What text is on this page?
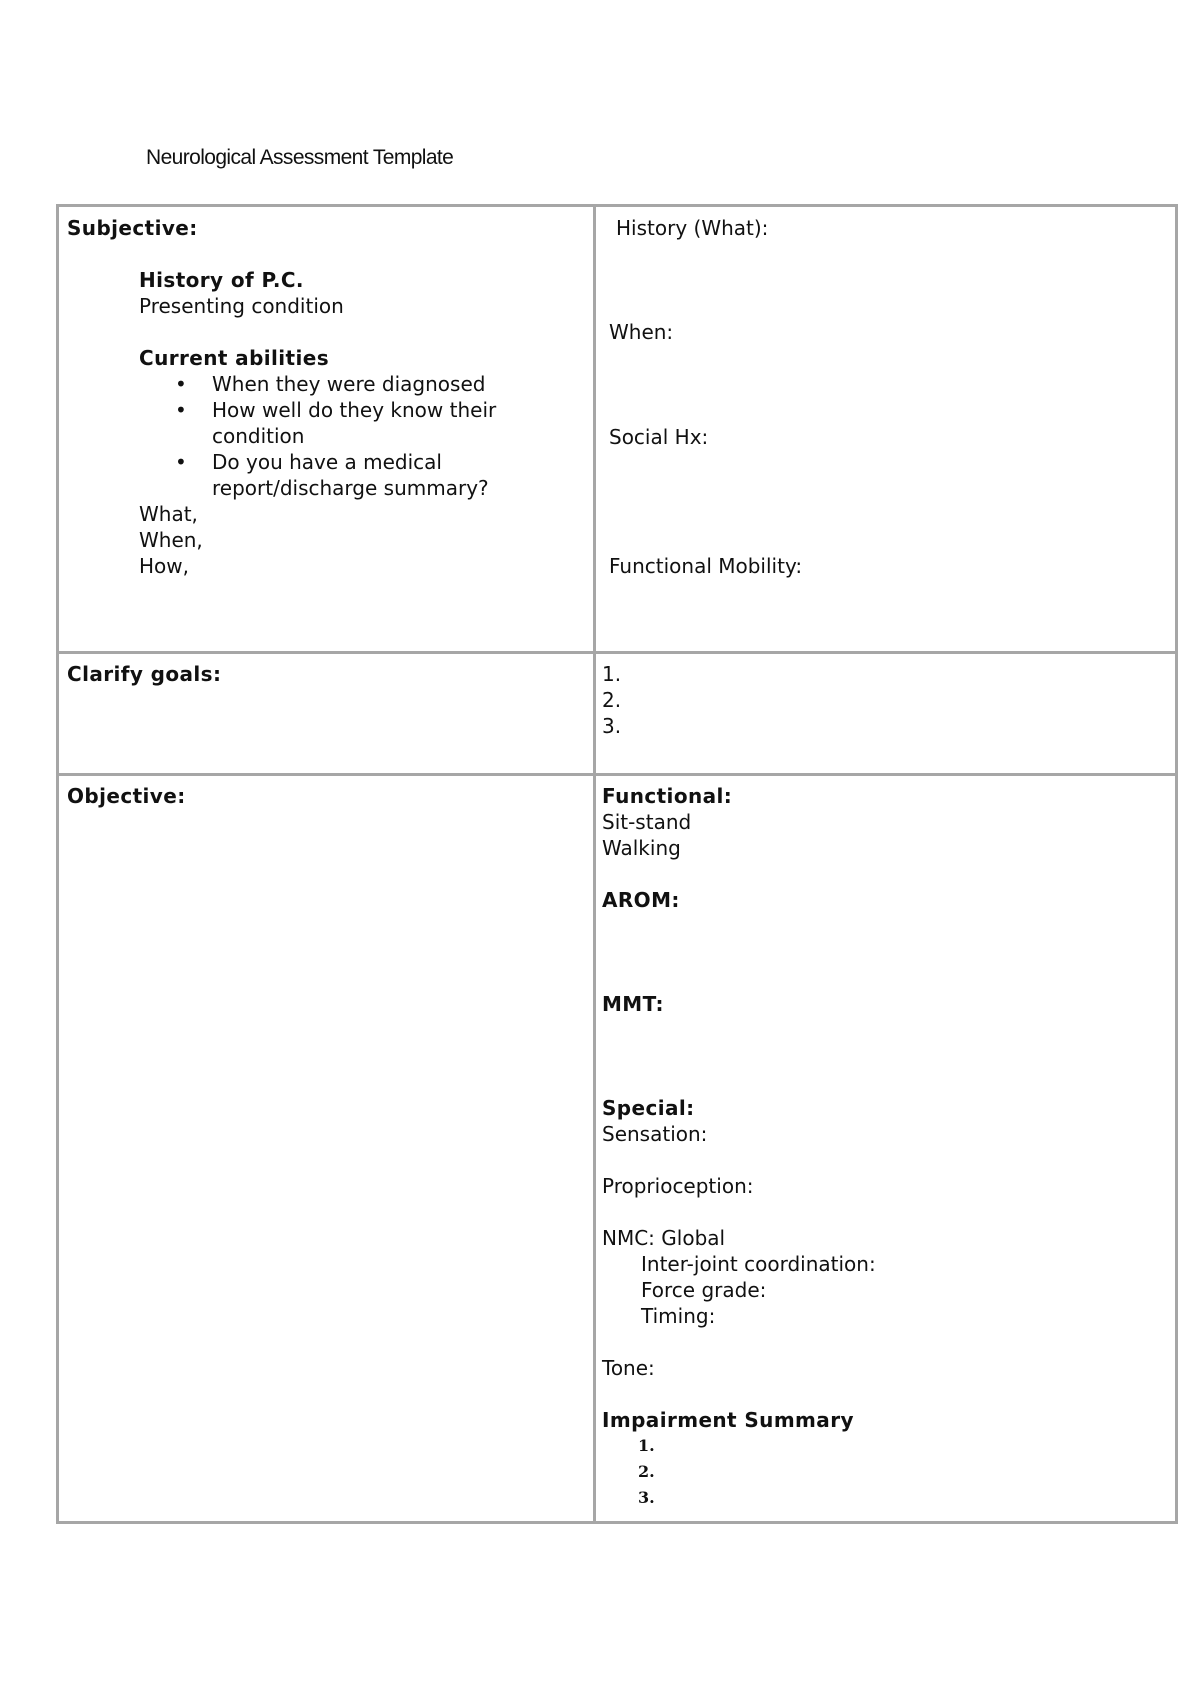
Neurological Assessment Template
Subjective:
History of P.C.
Presenting condition
Current abilities
• When they were diagnosed
• How well do they know their condition
• Do you have a medical report/discharge summary?
What,
When,
How,
History (What):
When:
Social Hx:
Functional Mobility:
Clarify goals:	1.
2.
3.
Objective:	Functional:
Sit-stand
Walking
AROM:
MMT:
Special:
Sensation:
Proprioception:
NMC: Global
Inter-joint coordination:
Force grade:
Timing:
Tone:
Impairment Summary
1.
2.
3.
